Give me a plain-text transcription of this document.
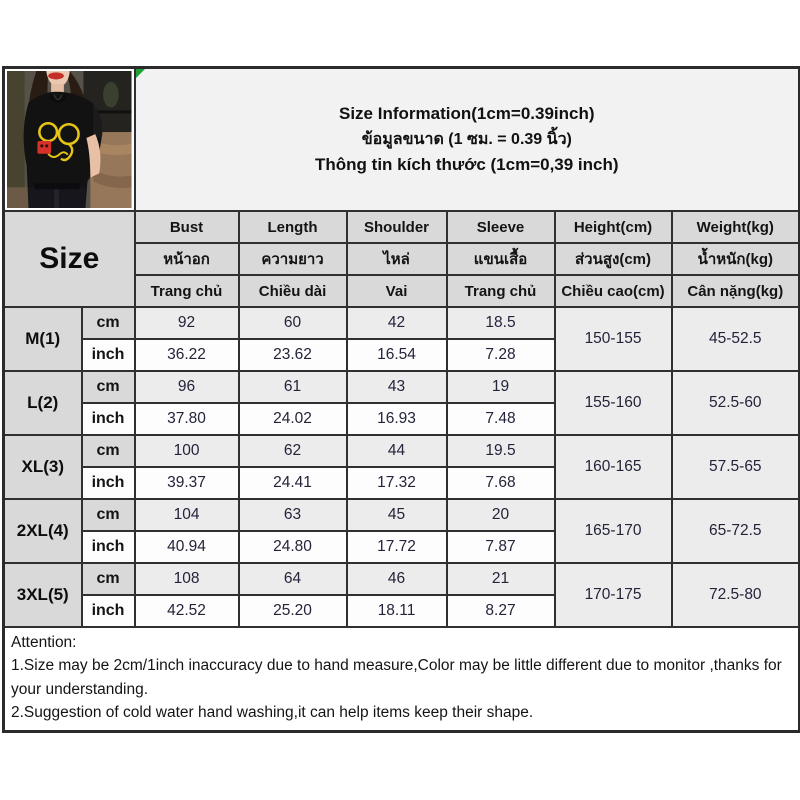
Size Information(1cm=0.39inch)
ข้อมูลขนาด (1 ซม. = 0.39 นิ้ว)
Thông tin kích thước (1cm=0,39 inch)					

Size		Bust	Length	Shoulder	Sleeve	Height(cm)	Weight(kg)
		หน้าอก	ความยาว	ไหล่	แขนเสื้อ	ส่วนสูง(cm)	น้ำหนัก(kg)
		Trang chủ	Chiều dài	Vai	Trang chủ	Chiều cao(cm)	Cân nặng(kg)
M(1)	cm	92	60	42	18.5	150-155	45-52.5
	inch	36.22	23.62	16.54	7.28		
L(2)	cm	96	61	43	19	155-160	52.5-60
	inch	37.80	24.02	16.93	7.48		
XL(3)	cm	100	62	44	19.5	160-165	57.5-65
	inch	39.37	24.41	17.32	7.68		
2XL(4)	cm	104	63	45	20	165-170	65-72.5
	inch	40.94	24.80	17.72	7.87		
3XL(5)	cm	108	64	46	21	170-175	72.5-80
	inch	42.52	25.20	18.11	8.27		

Attention:
1.Size may be 2cm/1inch inaccuracy due to hand measure,Color may be little different due to monitor ,thanks for your understanding.
2.Suggestion of cold water hand washing,it can help items keep their shape.							
